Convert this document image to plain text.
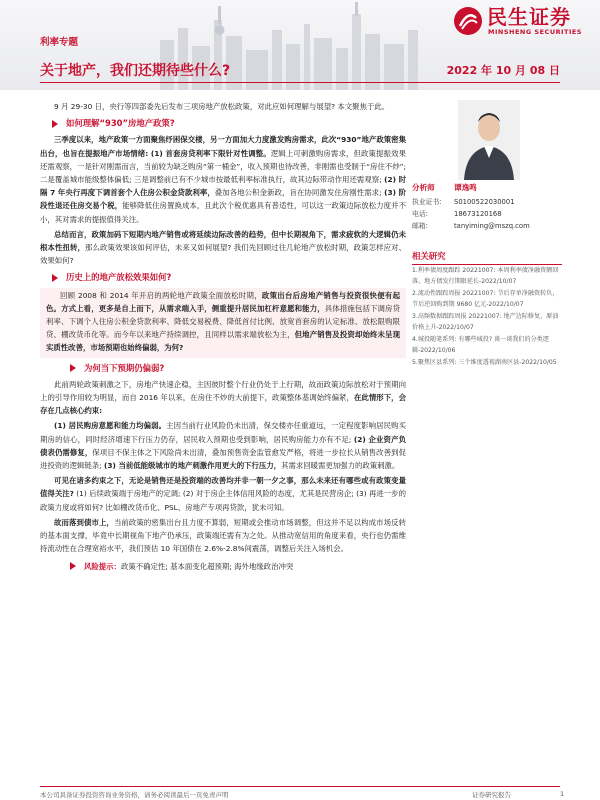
民生证券
MINSHENG SECURITIES
利率专题
关于地产，我们还期待些什么?	2022 年 10 月 08 日

9 月 29-30 日，央行等四部委先后发布三项房地产放松政策，对此应如何理解与展望? 本文聚焦于此。

如何理解“930”房地产政策?

三季度以来，地产政策一方面聚焦纾困保交楼，另一方面加大力度激发购房需求，此次“930”地产政策密集出台，也旨在提振地产市场情绪: (1) 首套房贷利率下限针对性调整。逻辑上可刺激购房需求，但政策提振效果还需观察，一是针对刚需而言，当前较为缺乏购房“第一桶金”，收入预期也待改善，非刚需也受制于“房住不炒”; 二是覆盖城市能级整体偏低; 三是调整前已有不少城市按最低利率标准执行，故其边际带动作用还需观察; (2) 时隔 7 年央行再度下调首套个人住房公积金贷款利率，叠加各地公积金新政，旨在协同激发住房刚性需求; (3) 阶段性退还住房交易个税，能够降低住房置换成本，且此次个税优惠具有普适性，可以这一政策边际放松力度并不小，其对需求的提振值得关注。

总结而言，政策加码下短期内地产销售或将延续边际改善的趋势，但中长期视角下，需求疲软的大逻辑仍未根本性扭转，那么政策效果该如何评估，未来又如何展望? 我们先回顾过往几轮地产放松时期，政策怎样应对、效果如何?

历史上的地产放松效果如何?

回顾 2008 和 2014 年开启的两轮地产政策全面放松时期，政策出台后房地产销售与投资很快便有起色。方式上看，更多是自上而下，从需求端入手，侧重提升居民加杠杆意愿和能力，具体措施包括下调房贷利率、下调个人住房公积金贷款利率、降低交易税费、降低首付比例、放宽首套房的认定标准、放松限购限贷、棚改货币化等。而今年以来地产持续调控，且同样以需求端放松为主，但地产销售及投资却始终未呈现实质性改善，市场预期也始终偏弱，为何?

为何当下预期仍偏弱?

此前两轮政策刺激之下，房地产快速企稳，主因彼时整个行业仍处于上行期，故而政策边际放松对于预期向上的引导作用较为明显，而自 2016 年以来，在房住不炒的大前提下，政策整体基调始终偏紧，在此情形下，会存在几点核心约束:

(1) 居民购房意愿和能力均偏弱。主因当前行业风险仍未出清，保交楼亦任重道远，一定程度影响居民购买期房的信心，同时经济增速下行压力仍存，居民收入预期也受到影响，居民购房能力亦有不足; (2) 企业资产负债表仍需修复，保项目不保主体之下风险尚未出清，叠加预售资金监管愈发严格，将进一步拉长从销售改善到促进投资的逻辑链条; (3) 当前低能级城市的地产刺激作用更大的下行压力，其需求回暖需更加强力的政策刺激。

可见在诸多约束之下，无论是销售还是投资端的改善均并非一朝一夕之事，那么未来还有哪些或有政策变量值得关注? (1) 后续政策端于房地产的定调; (2) 对于房企主体信用风险的态度，尤其是民营房企; (3) 再进一步的政策力度或将如何? 比如棚改货币化、PSL、房地产专项再贷款，犹未可知。

故而落到债市上，当前政策的密集出台且力度不算弱，短期或会推动市场调整，但这并不足以构成市场反转的基本面支撑，毕竟中长期视角下地产仍承压，政策端还需有为之处。从推动宽信用的角度来看，央行也仍需维持流动性在合理宽裕水平，我们预估 10 年国债在 2.6%-2.8%间震荡，调整后关注入场机会。

风险提示： 政策不确定性; 基本面变化超预期; 海外地缘政治冲突
分析师	谭逸鸣
执业证书:	S0100522030001
电话:	18673120168
邮箱:	tanyiming@mszq.com
相关研究
1.利率债周度跟踪 20221007: 本周利率债净融资额回落，地方债发行期限延长-2022/10/07
2.流动性跟踪周报 20221007: 节后存单净融资转负，节后逆回购到期 9680 亿元-2022/10/07
3.高频数据跟踪周报 20221007: 地产边际修复，原油价格上升-2022/10/07
4.城投随笔系列: 有哪些城投? 谈一谈我们的分类逻辑-2022/10/06
5.聚焦区县系列: 三个维度透视湖南区县-2022/10/05
本公司具备证券投资咨询业务资格，请务必阅读最后一页免责声明	证券研究报告	1
